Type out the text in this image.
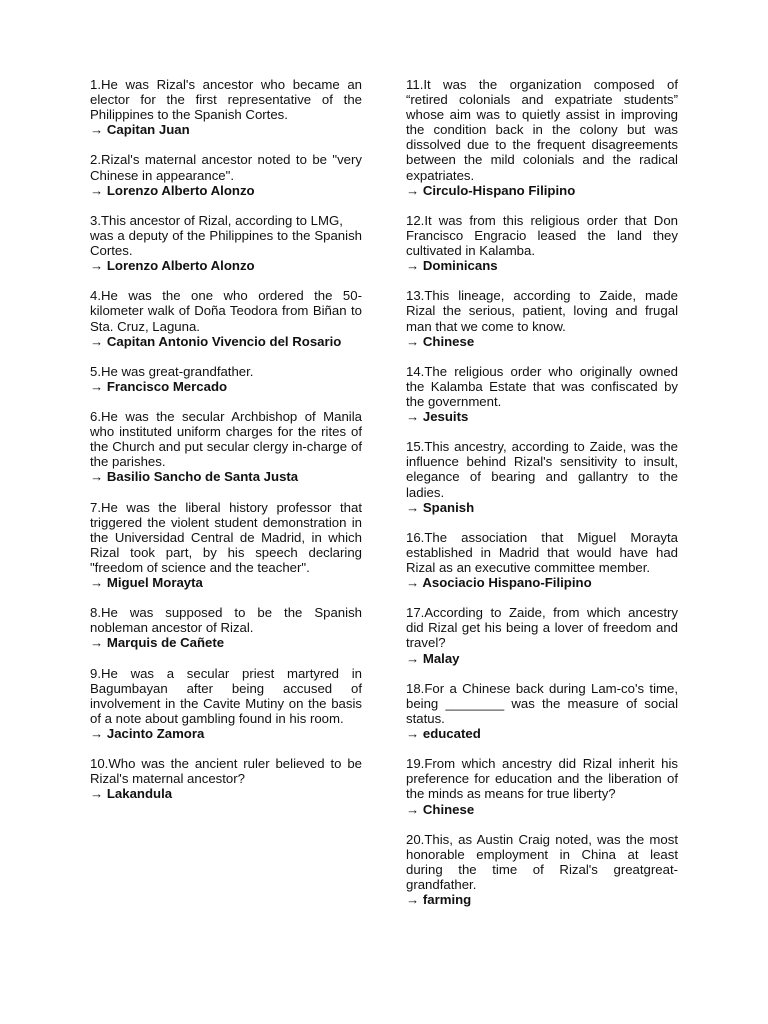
1.He was Rizal's ancestor who became an elector for the first representative of the Philippines to the Spanish Cortes.
→ Capitan Juan
2.Rizal's maternal ancestor noted to be "very Chinese in appearance".
→ Lorenzo Alberto Alonzo
3.This ancestor of Rizal, according to LMG,
was a deputy of the Philippines to the Spanish Cortes.
→ Lorenzo Alberto Alonzo
4.He was the one who ordered the 50-kilometer walk of Doña Teodora from Biñan to Sta. Cruz, Laguna.
→ Capitan Antonio Vivencio del Rosario
5.He was great-grandfather.
→ Francisco Mercado
6.He was the secular Archbishop of Manila who instituted uniform charges for the rites of the Church and put secular clergy in-charge of the parishes.
→ Basilio Sancho de Santa Justa
7.He was the liberal history professor that triggered the violent student demonstration in the Universidad Central de Madrid, in which Rizal took part, by his speech declaring "freedom of science and the teacher".
→ Miguel Morayta
8.He was supposed to be the Spanish nobleman ancestor of Rizal.
→ Marquis de Cañete
9.He was a secular priest martyred in Bagumbayan after being accused of involvement in the Cavite Mutiny on the basis of a note about gambling found in his room.
→ Jacinto Zamora
10.Who was the ancient ruler believed to be Rizal's maternal ancestor?
→ Lakandula
11.It was the organization composed of “retired colonials and expatriate students” whose aim was to quietly assist in improving the condition back in the colony but was dissolved due to the frequent disagreements between the mild colonials and the radical expatriates.
→ Circulo-Hispano Filipino
12.It was from this religious order that Don Francisco Engracio leased the land they cultivated in Kalamba.
→ Dominicans
13.This lineage, according to Zaide, made Rizal the serious, patient, loving and frugal man that we come to know.
→ Chinese
14.The religious order who originally owned the Kalamba Estate that was confiscated by the government.
→ Jesuits
15.This ancestry, according to Zaide, was the influence behind Rizal's sensitivity to insult, elegance of bearing and gallantry to the ladies.
→ Spanish
16.The association that Miguel Morayta established in Madrid that would have had Rizal as an executive committee member.
→ Asociacio Hispano-Filipino
17.According to Zaide, from which ancestry did Rizal get his being a lover of freedom and travel?
→ Malay
18.For a Chinese back during Lam-co's time, being ________ was the measure of social status.
→ educated
19.From which ancestry did Rizal inherit his preference for education and the liberation of the minds as means for true liberty?
→ Chinese
20.This, as Austin Craig noted, was the most honorable employment in China at least during the time of Rizal's greatgreat-grandfather.
→ farming
